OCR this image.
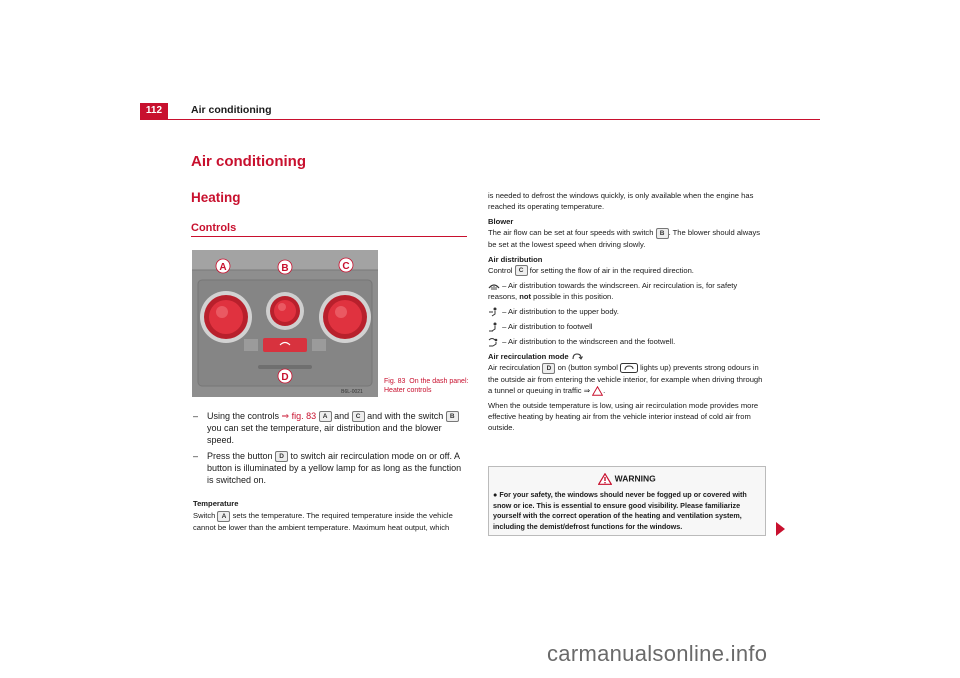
112	Air conditioning
Air conditioning
Heating
Controls
A	B	C
D
B6L-0021
Fig. 83 On the dash panel: Heater controls
– Using the controls ⇒ fig. 83 A and C and with the switch B you can set the temperature, air distribution and the blower speed.
– Press the button D to switch air recirculation mode on or off. A button is illuminated by a yellow lamp for as long as the function is switched on.
Temperature
Switch A sets the temperature. The required temperature inside the vehicle cannot be lower than the ambient temperature. Maximum heat output, which

is needed to defrost the windows quickly, is only available when the engine has reached its operating temperature.

Blower

The air flow can be set at four speeds with switch B . The blower should always be set at the lowest speed when driving slowly.

Air distribution

Control C for setting the flow of air in the required direction.

– Air distribution towards the windscreen. Air recirculation is, for safety reasons, not possible in this position.

– Air distribution to the upper body.

– Air distribution to footwell

– Air distribution to the windscreen and the footwell.

Air recirculation mode

Air recirculation D on (button symbol  lights up) prevents strong odours in the outside air from entering the vehicle interior, for example when driving through a tunnel or queuing in traffic ⇒ .

When the outside temperature is low, using air recirculation mode provides more effective heating by heating air from the vehicle interior instead of cold air from outside.

WARNING
● For your safety, the windows should never be fogged up or covered with snow or ice. This is essential to ensure good visibility. Please familiarize yourself with the correct operation of the heating and ventilation system, including the demist/defrost functions for the windows.
carmanualsonline.info
